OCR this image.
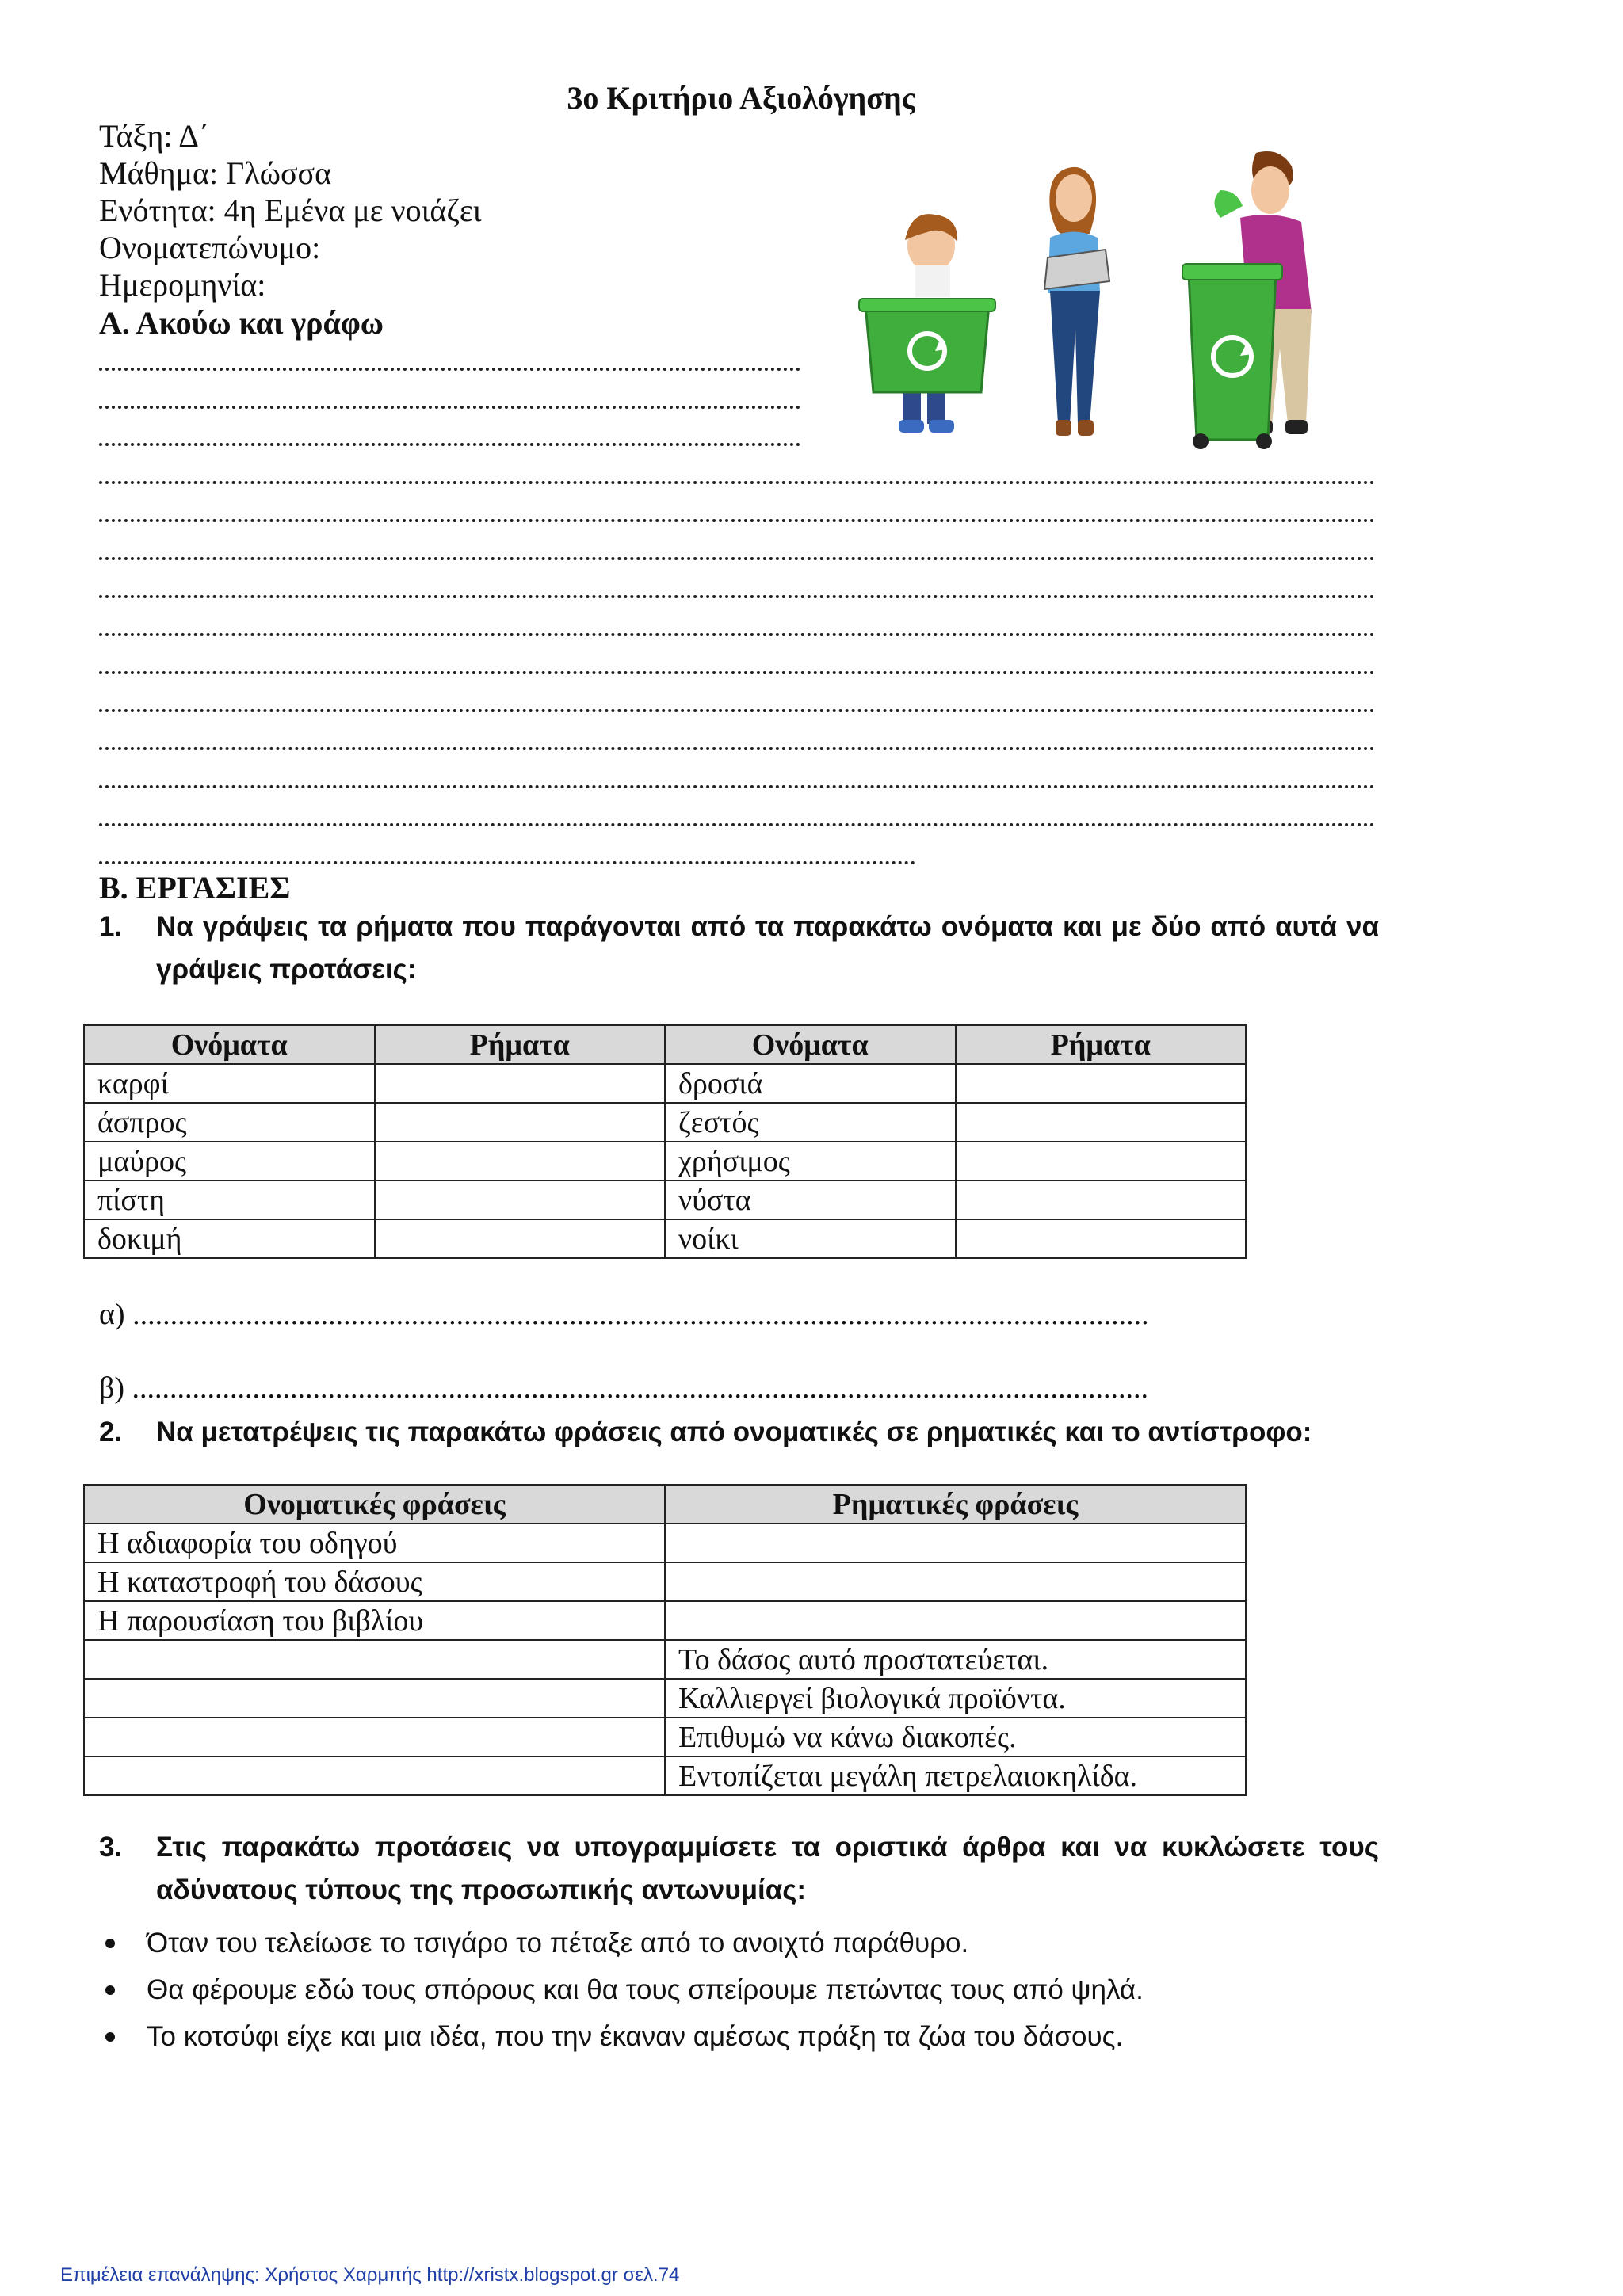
3ο Κριτήριο Αξιολόγησης
Τάξη: Δ΄
Μάθημα: Γλώσσα
Ενότητα: 4η Εμένα με νοιάζει
Ονοματεπώνυμο:
Ημερομηνία:
Α. Ακούω και γράφω
Β. ΕΡΓΑΣΙΕΣ
1. Να γράψεις τα ρήματα που παράγονται από τα παρακάτω ονόματα και με δύο από αυτά να γράψεις προτάσεις:
Ονόματα	Ρήματα	Ονόματα	Ρήματα
καρφί		δροσιά	
άσπρος		ζεστός	
μαύρος		χρήσιμος	
πίστη		νύστα	
δοκιμή		νοίκι	
α) .......................................................................................................................................
β) .......................................................................................................................................
2. Να μετατρέψεις τις παρακάτω φράσεις από ονοματικές σε ρηματικές και το αντίστροφο:
Ονοματικές φράσεις	Ρηματικές φράσεις
Η αδιαφορία του οδηγού	
Η καταστροφή του δάσους	
Η παρουσίαση του βιβλίου	
	Το δάσος αυτό προστατεύεται.
	Καλλιεργεί βιολογικά προϊόντα.
	Επιθυμώ να κάνω διακοπές.
	Εντοπίζεται μεγάλη πετρελαιοκηλίδα.
3. Στις παρακάτω προτάσεις να υπογραμμίσετε τα οριστικά άρθρα και να κυκλώσετε τους αδύνατους τύπους της προσωπικής αντωνυμίας:
Όταν του τελείωσε το τσιγάρο το πέταξε από το ανοιχτό παράθυρο.
Θα φέρουμε εδώ τους σπόρους και θα τους σπείρουμε πετώντας τους από ψηλά.
Το κοτσύφι είχε και μια ιδέα, που την έκαναν αμέσως πράξη τα ζώα του δάσους.
Επιμέλεια επανάληψης: Χρήστος Χαρμπής http://xristx.blogspot.gr σελ.74
